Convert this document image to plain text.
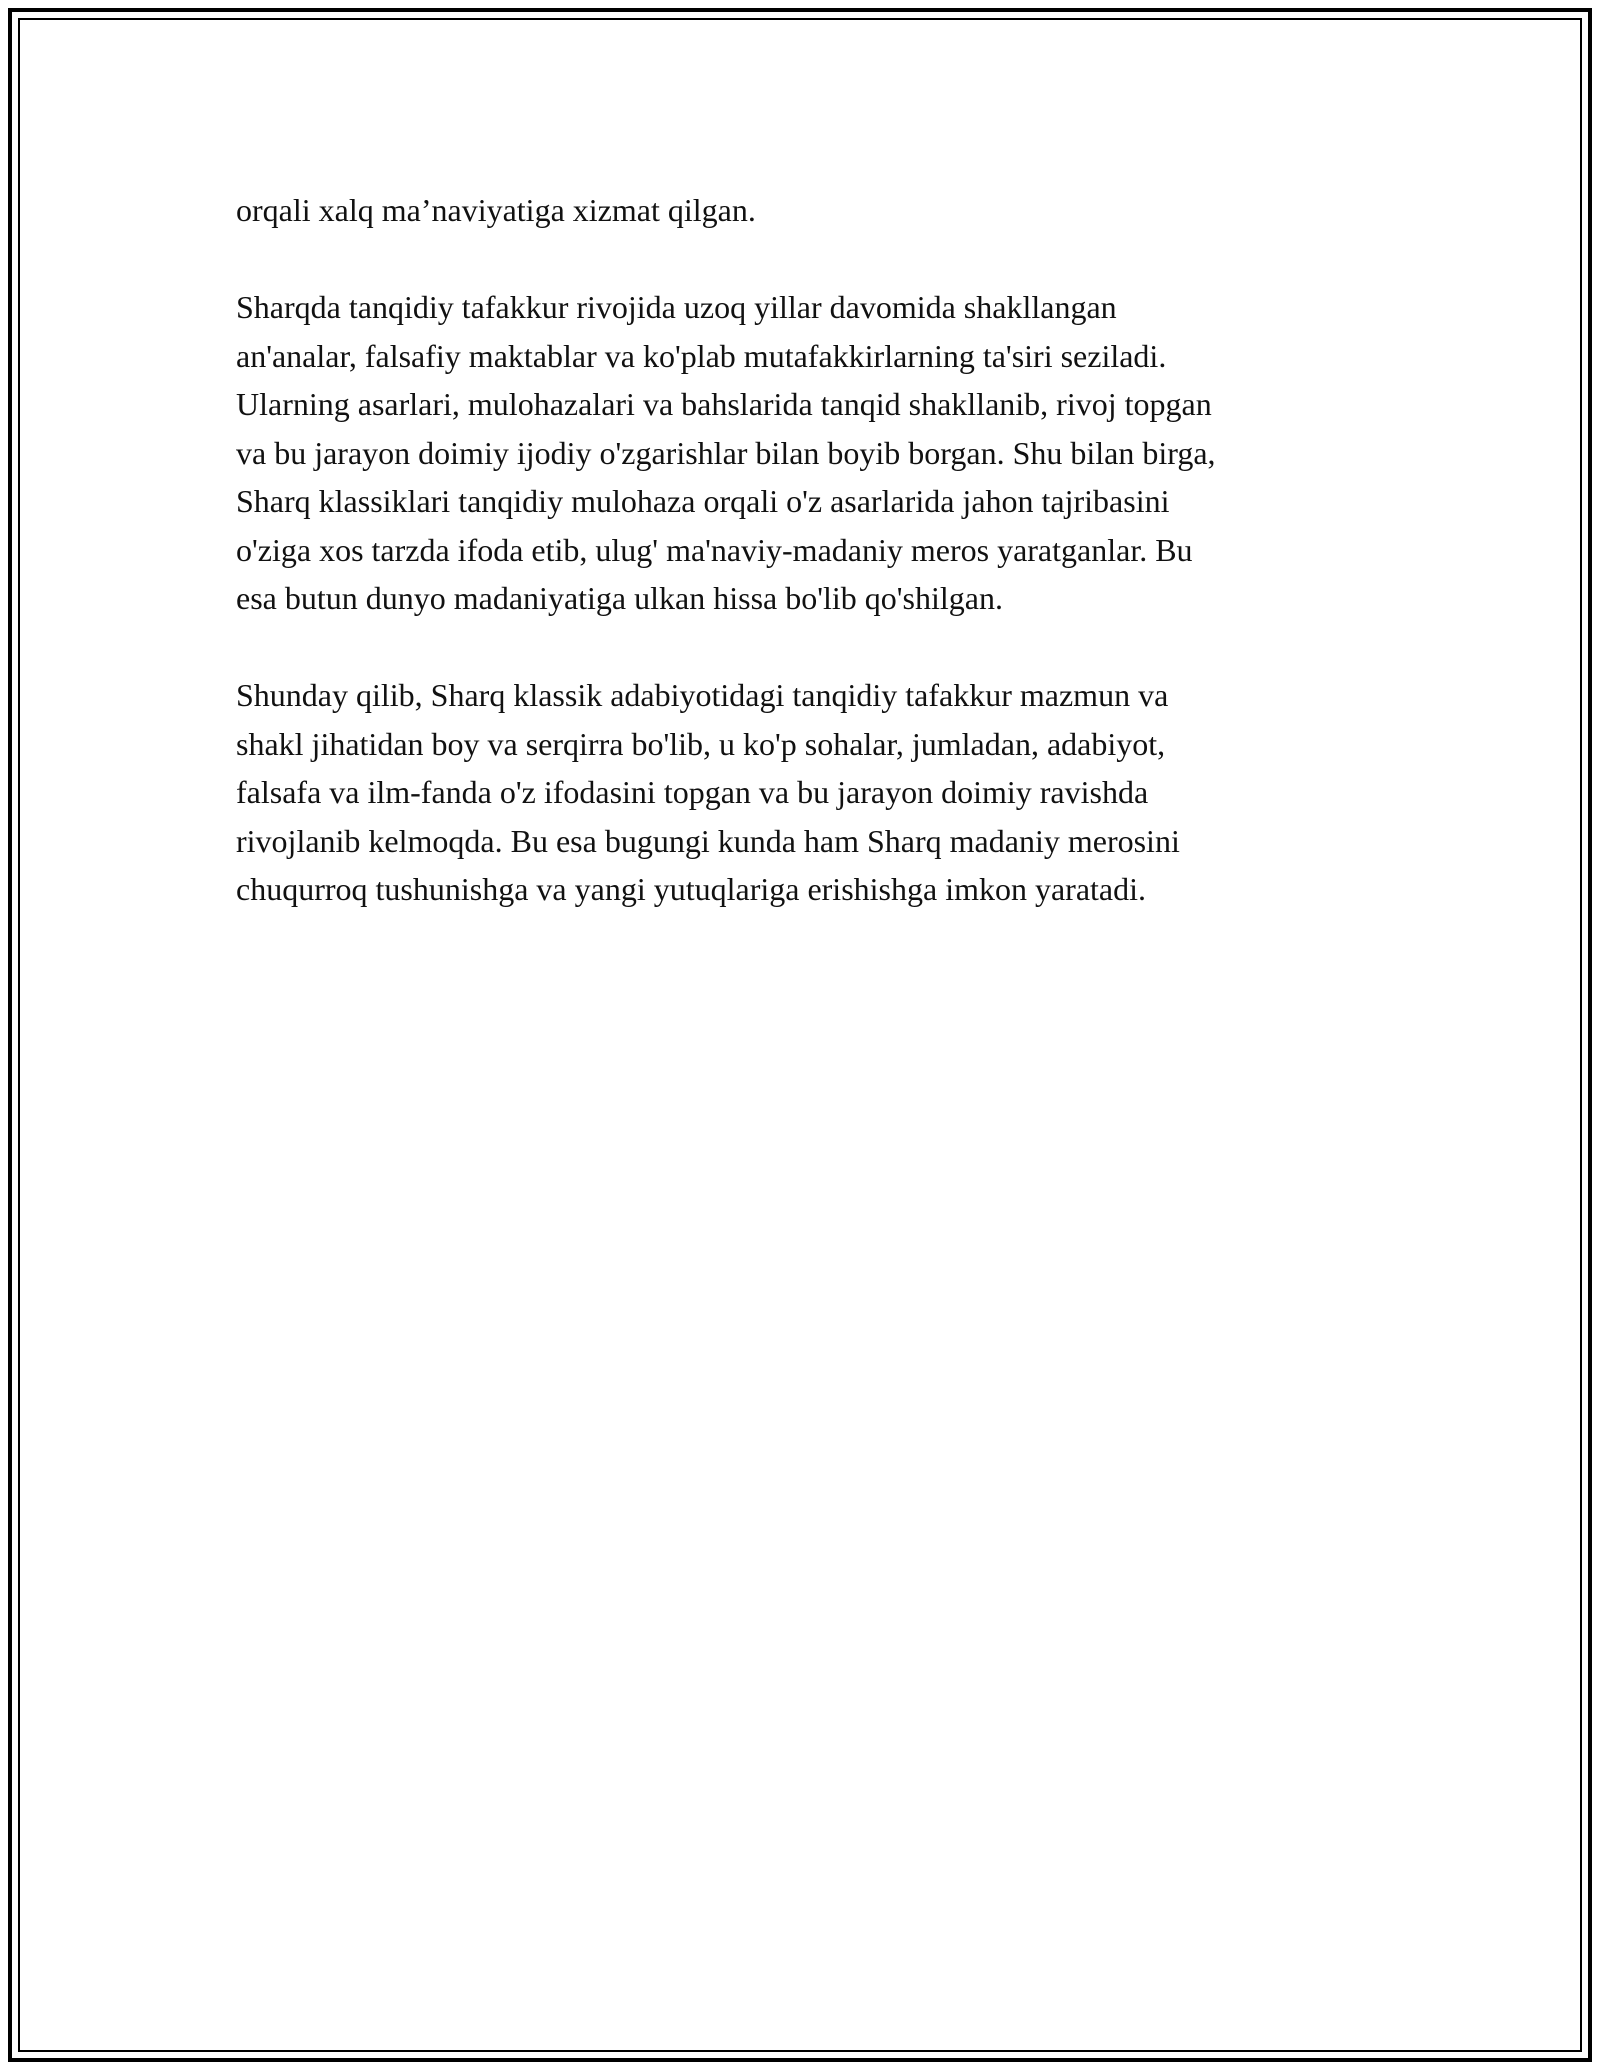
orqali xalq ma’naviyatiga xizmat qilgan.

Sharqda tanqidiy tafakkur rivojida uzoq yillar davomida shakllangan
an'analar, falsafiy maktablar va ko'plab mutafakkirlarning ta'siri seziladi.
Ularning asarlari, mulohazalari va bahslarida tanqid shakllanib, rivoj topgan
va bu jarayon doimiy ijodiy o'zgarishlar bilan boyib borgan. Shu bilan birga,
Sharq klassiklari tanqidiy mulohaza orqali o'z asarlarida jahon tajribasini
o'ziga xos tarzda ifoda etib, ulug' ma'naviy-madaniy meros yaratganlar. Bu
esa butun dunyo madaniyatiga ulkan hissa bo'lib qo'shilgan.

Shunday qilib, Sharq klassik adabiyotidagi tanqidiy tafakkur mazmun va
shakl jihatidan boy va serqirra bo'lib, u ko'p sohalar, jumladan, adabiyot,
falsafa va ilm-fanda o'z ifodasini topgan va bu jarayon doimiy ravishda
rivojlanib kelmoqda. Bu esa bugungi kunda ham Sharq madaniy merosini
chuqurroq tushunishga va yangi yutuqlariga erishishga imkon yaratadi.
